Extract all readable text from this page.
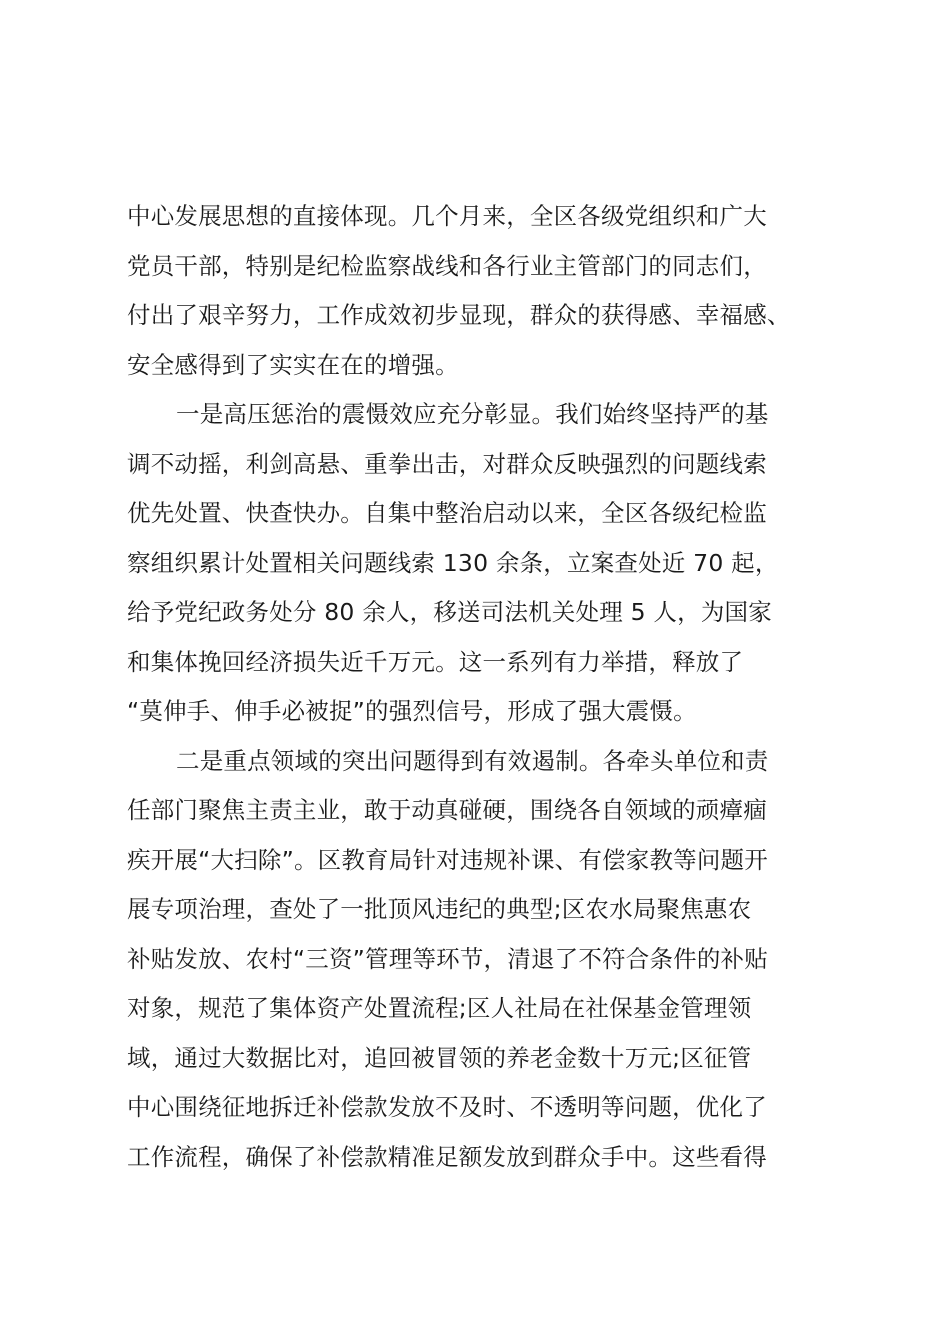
中心发展思想的直接体现。几个月来，全区各级党组织和广大
党员干部，特别是纪检监察战线和各行业主管部门的同志们，
付出了艰辛努力，工作成效初步显现，群众的获得感、幸福感、
安全感得到了实实在在的增强。
一是高压惩治的震慑效应充分彰显。我们始终坚持严的基
调不动摇，利剑高悬、重拳出击，对群众反映强烈的问题线索
优先处置、快查快办。自集中整治启动以来，全区各级纪检监
察组织累计处置相关问题线索 130 余条，立案查处近 70 起，
给予党纪政务处分 80 余人，移送司法机关处理 5 人，为国家
和集体挽回经济损失近千万元。这一系列有力举措，释放了
“莫伸手、伸手必被捉”的强烈信号，形成了强大震慑。
二是重点领域的突出问题得到有效遏制。各牵头单位和责
任部门聚焦主责主业，敢于动真碰硬，围绕各自领域的顽瘴痼
疾开展“大扫除”。区教育局针对违规补课、有偿家教等问题开
展专项治理，查处了一批顶风违纪的典型;区农水局聚焦惠农
补贴发放、农村“三资”管理等环节，清退了不符合条件的补贴
对象，规范了集体资产处置流程;区人社局在社保基金管理领
域，通过大数据比对，追回被冒领的养老金数十万元;区征管
中心围绕征地拆迁补偿款发放不及时、不透明等问题，优化了
工作流程，确保了补偿款精准足额发放到群众手中。这些看得
